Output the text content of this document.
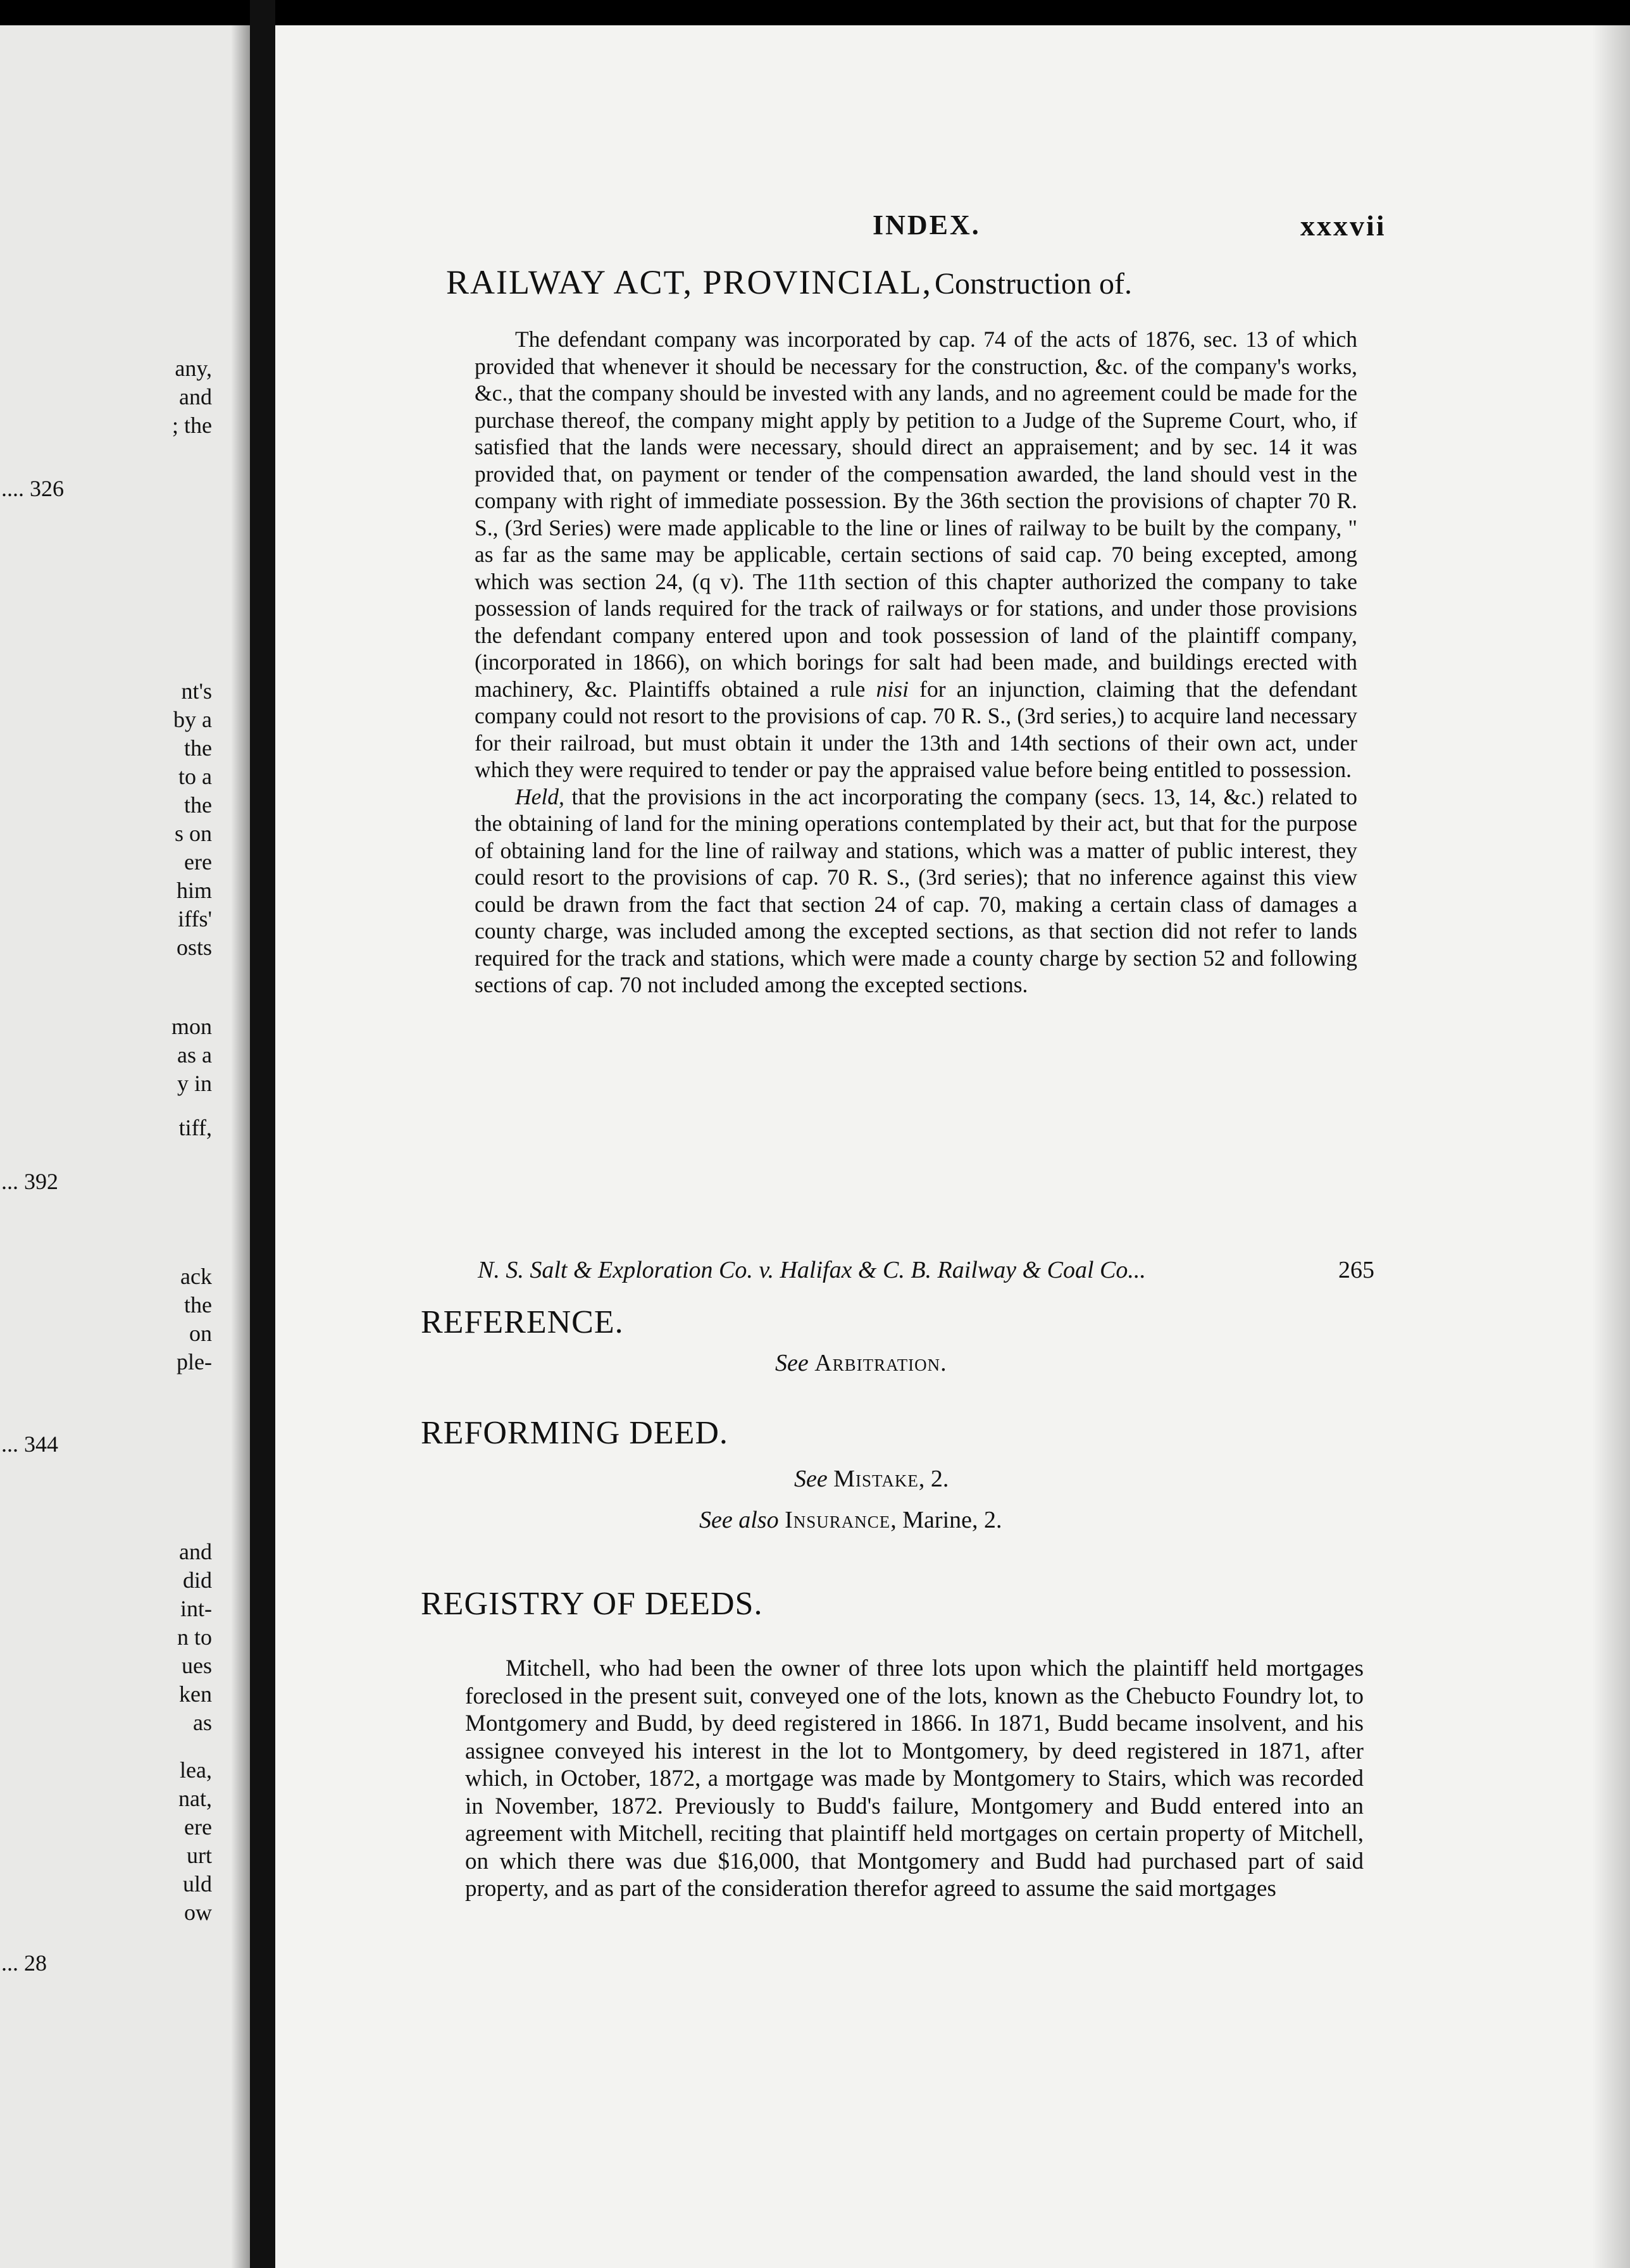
any,
and
; the
.... 326
nt's
by a
the
to a
the
s on
ere
him
iffs'
osts
mon
as a
y in
tiff,
... 392
ack
the
on
ple-
... 344
and
did
int-
n to
ues
ken
as
lea,
nat,
ere
urt
uld
ow
... 28
INDEX.	xxxvii
RAILWAY ACT, PROVINCIAL, Construction of.

The defendant company was incorporated by cap. 74 of the acts of 1876, sec. 13 of which provided that whenever it should be necessary for the construction, &c. of the company's works, &c., that the company should be invested with any lands, and no agreement could be made for the purchase thereof, the company might apply by petition to a Judge of the Supreme Court, who, if satisfied that the lands were necessary, should direct an appraisement; and by sec. 14 it was provided that, on payment or tender of the compensation awarded, the land should vest in the company with right of immediate possession. By the 36th section the provisions of chapter 70 R. S., (3rd Series) were made applicable to the line or lines of railway to be built by the company, " as far as the same may be applicable, certain sections of said cap. 70 being excepted, among which was section 24, (q v). The 11th section of this chapter authorized the company to take possession of lands required for the track of railways or for stations, and under those provisions the defendant company entered upon and took possession of land of the plaintiff company, (incorporated in 1866), on which borings for salt had been made, and buildings erected with machinery, &c. Plaintiffs obtained a rule nisi for an injunction, claiming that the defendant company could not resort to the provisions of cap. 70 R. S., (3rd series,) to acquire land necessary for their railroad, but must obtain it under the 13th and 14th sections of their own act, under which they were required to tender or pay the appraised value before being entitled to possession.

Held, that the provisions in the act incorporating the company (secs. 13, 14, &c.) related to the obtaining of land for the mining operations contemplated by their act, but that for the purpose of obtaining land for the line of railway and stations, which was a matter of public interest, they could resort to the provisions of cap. 70 R. S., (3rd series); that no inference against this view could be drawn from the fact that section 24 of cap. 70, making a certain class of damages a county charge, was included among the excepted sections, as that section did not refer to lands required for the track and stations, which were made a county charge by section 52 and following sections of cap. 70 not included among the excepted sections.

N. S. Salt & Exploration Co. v. Halifax & C. B. Railway & Coal Co...	265
REFERENCE.
See Arbitration.
REFORMING DEED.
See Mistake, 2.
See also Insurance, Marine, 2.
REGISTRY OF DEEDS.

Mitchell, who had been the owner of three lots upon which the plaintiff held mortgages foreclosed in the present suit, conveyed one of the lots, known as the Chebucto Foundry lot, to Montgomery and Budd, by deed registered in 1866. In 1871, Budd became insolvent, and his assignee conveyed his interest in the lot to Montgomery, by deed registered in 1871, after which, in October, 1872, a mortgage was made by Montgomery to Stairs, which was recorded in November, 1872. Previously to Budd's failure, Montgomery and Budd entered into an agreement with Mitchell, reciting that plaintiff held mortgages on certain property of Mitchell, on which there was due $16,000, that Montgomery and Budd had purchased part of said property, and as part of the consideration therefor agreed to assume the said mortgages
